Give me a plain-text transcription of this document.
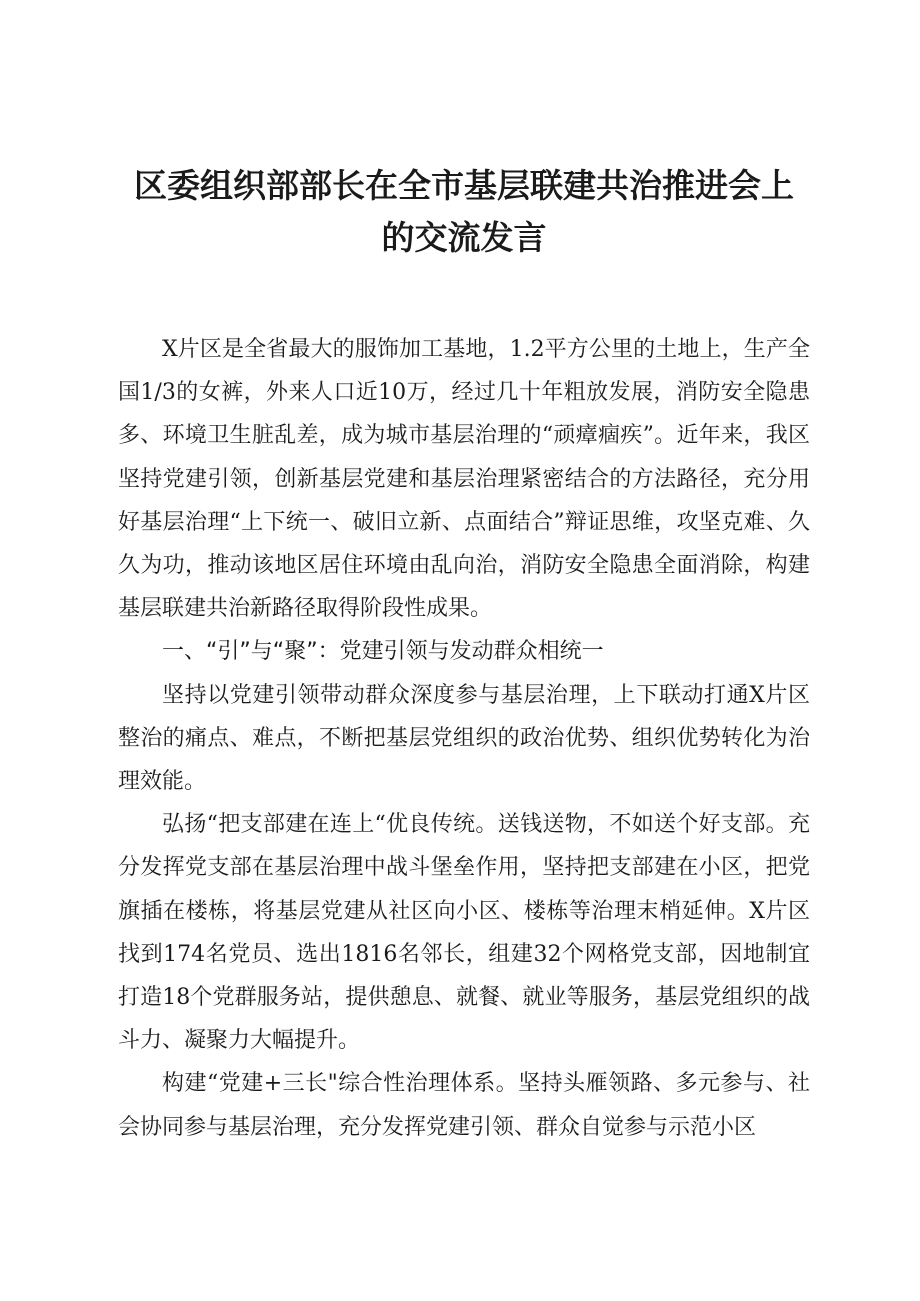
区委组织部部长在全市基层联建共治推进会上
的交流发言

X片区是全省最大的服饰加工基地，1.2平方公里的土地上，生产全国1/3的女裤，外来人口近10万，经过几十年粗放发展，消防安全隐患多、环境卫生脏乱差，成为城市基层治理的“顽瘴痼疾”。近年来，我区坚持党建引领，创新基层党建和基层治理紧密结合的方法路径，充分用好基层治理“上下统一、破旧立新、点面结合”辩证思维，攻坚克难、久久为功，推动该地区居住环境由乱向治，消防安全隐患全面消除，构建基层联建共治新路径取得阶段性成果。

一、“引”与“聚”：党建引领与发动群众相统一

坚持以党建引领带动群众深度参与基层治理，上下联动打通X片区整治的痛点、难点，不断把基层党组织的政治优势、组织优势转化为治理效能。

弘扬“把支部建在连上“优良传统。送钱送物，不如送个好支部。充分发挥党支部在基层治理中战斗堡垒作用，坚持把支部建在小区，把党旗插在楼栋，将基层党建从社区向小区、楼栋等治理末梢延伸。X片区找到174名党员、选出1816名邻长，组建32个网格党支部，因地制宜打造18个党群服务站，提供憩息、就餐、就业等服务，基层党组织的战斗力、凝聚力大幅提升。

构建“党建+三长"综合性治理体系。坚持头雁领路、多元参与、社会协同参与基层治理，充分发挥党建引领、群众自觉参与示范小区
